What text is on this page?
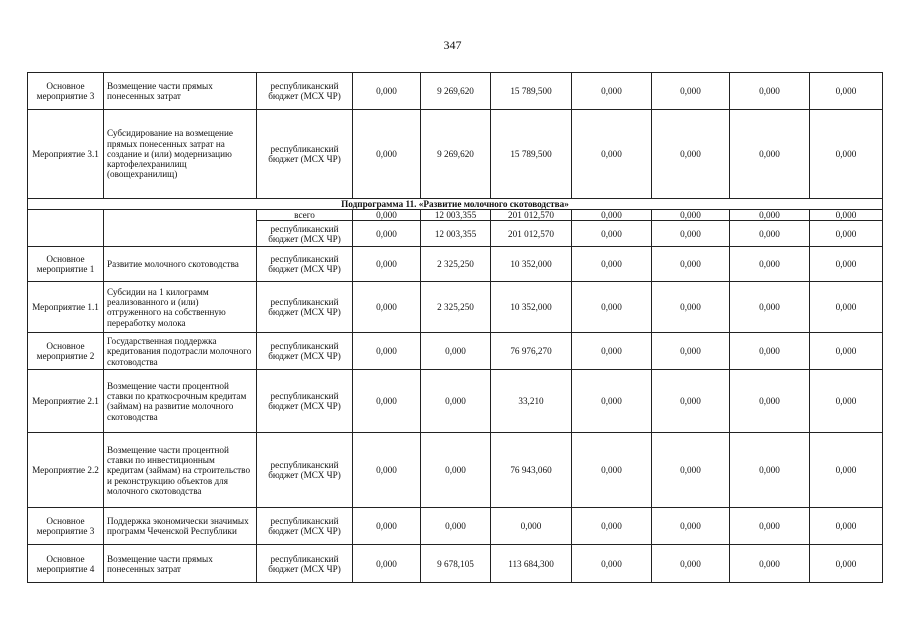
347
Основное мероприятие 3	Возмещение части прямых понесенных затрат	республиканский бюджет (МСХ ЧР)	0,000	9 269,620	15 789,500	0,000	0,000	0,000	0,000
Мероприятие 3.1	Субсидирование на возмещение прямых понесенных затрат на создание и (или) модернизацию картофелехранилищ (овощехранилищ)	республиканский бюджет (МСХ ЧР)	0,000	9 269,620	15 789,500	0,000	0,000	0,000	0,000
Подпрограмма 11. «Развитие молочного скотоводства»									
		всего	0,000	12 003,355	201 012,570	0,000	0,000	0,000	0,000
		республиканский бюджет (МСХ ЧР)	0,000	12 003,355	201 012,570	0,000	0,000	0,000	0,000
Основное мероприятие 1	Развитие молочного скотоводства	республиканский бюджет (МСХ ЧР)	0,000	2 325,250	10 352,000	0,000	0,000	0,000	0,000
Мероприятие 1.1	Субсидии на 1 килограмм реализованного и (или) отгруженного на собственную переработку молока	республиканский бюджет (МСХ ЧР)	0,000	2 325,250	10 352,000	0,000	0,000	0,000	0,000
Основное мероприятие 2	Государственная поддержка кредитования подотрасли молочного скотоводства	республиканский бюджет (МСХ ЧР)	0,000	0,000	76 976,270	0,000	0,000	0,000	0,000
Мероприятие 2.1	Возмещение части процентной ставки по краткосрочным кредитам (займам) на развитие молочного скотоводства	республиканский бюджет (МСХ ЧР)	0,000	0,000	33,210	0,000	0,000	0,000	0,000
Мероприятие 2.2	Возмещение части процентной ставки по инвестиционным кредитам (займам) на строительство и реконструкцию объектов для молочного скотоводства	республиканский бюджет (МСХ ЧР)	0,000	0,000	76 943,060	0,000	0,000	0,000	0,000
Основное мероприятие 3	Поддержка экономически значимых программ Чеченской Республики	республиканский бюджет (МСХ ЧР)	0,000	0,000	0,000	0,000	0,000	0,000	0,000
Основное мероприятие 4	Возмещение части прямых понесенных затрат	республиканский бюджет (МСХ ЧР)	0,000	9 678,105	113 684,300	0,000	0,000	0,000	0,000
